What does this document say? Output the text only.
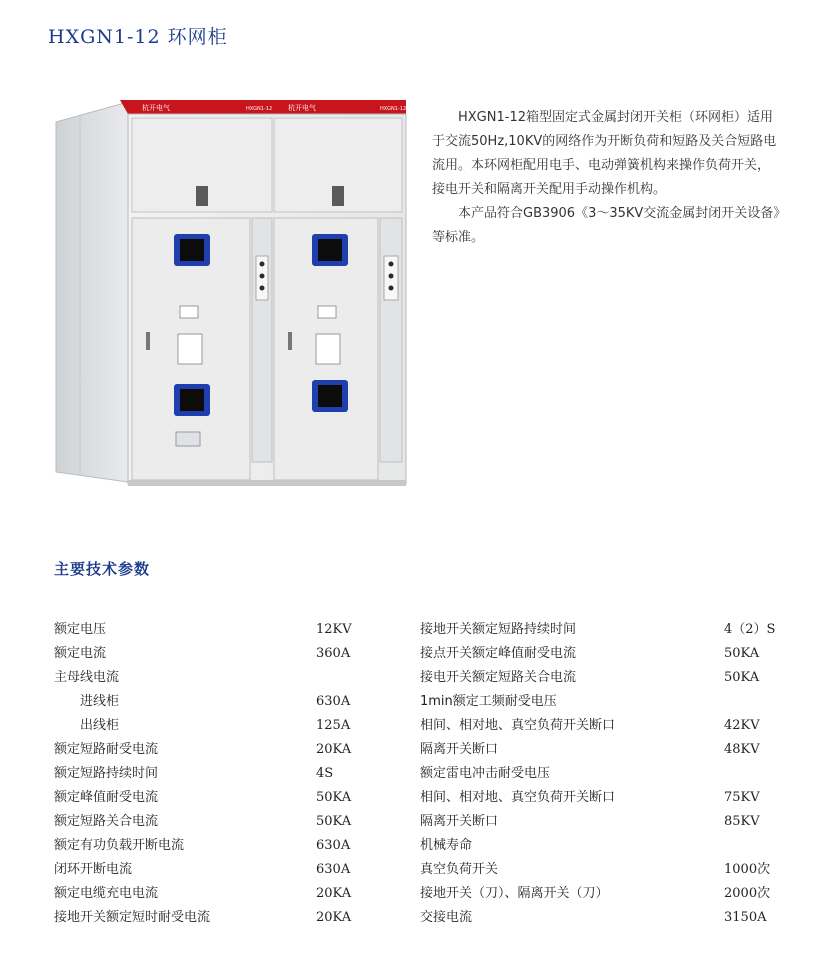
HXGN1-12 环网柜
杭开电气	HXGN1-12 杭开电气	HXGN1-12

HXGN1-12箱型固定式金属封闭开关柜（环网柜）适用于交流50Hz,10KV的网络作为开断负荷和短路及关合短路电流用。本环网柜配用电手、电动弹簧机构来操作负荷开关，接电开关和隔离开关配用手动操作机构。

本产品符合GB3906《3～35KV交流金属封闭开关设备》等标准。

主要技术参数
额定电压	12KV
额定电流	360A
主母线电流
进线柜	630A
出线柜	125A
额定短路耐受电流	20KA
额定短路持续时间	4S
额定峰值耐受电流	50KA
额定短路关合电流	50KA
额定有功负载开断电流	630A
闭环开断电流	630A
额定电缆充电电流	20KA
接地开关额定短时耐受电流	20KA
接地开关额定短路持续时间	4（2）S
接点开关额定峰值耐受电流	50KA
接电开关额定短路关合电流	50KA
1min额定工频耐受电压
相间、相对地、真空负荷开关断口	42KV
隔离开关断口	48KV
额定雷电冲击耐受电压
相间、相对地、真空负荷开关断口	75KV
隔离开关断口	85KV
机械寿命
真空负荷开关	1000次
接地开关（刀）、隔离开关（刀）	2000次
交接电流	3150A
